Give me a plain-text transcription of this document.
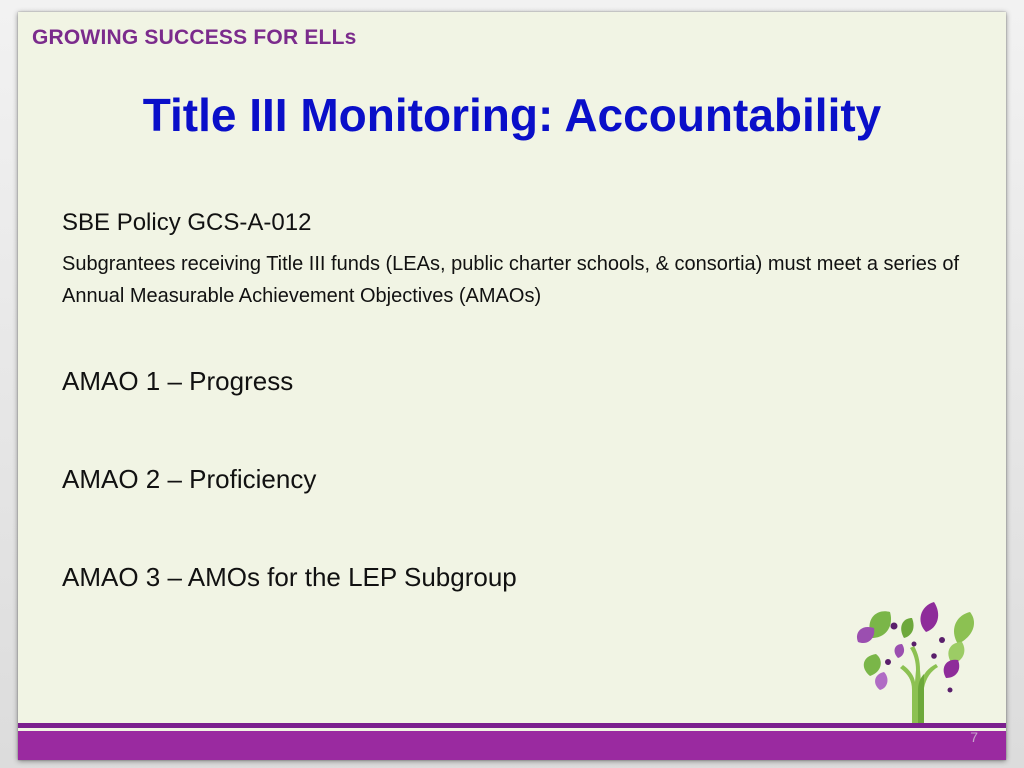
GROWING SUCCESS FOR ELLs

Title III Monitoring: Accountability

SBE Policy GCS-A-012

Subgrantees receiving Title III funds (LEAs, public charter schools, & consortia) must meet a series of Annual Measurable Achievement Objectives (AMAOs)

AMAO 1 – Progress
AMAO 2 – Proficiency
AMAO 3 – AMOs for the LEP Subgroup
7
